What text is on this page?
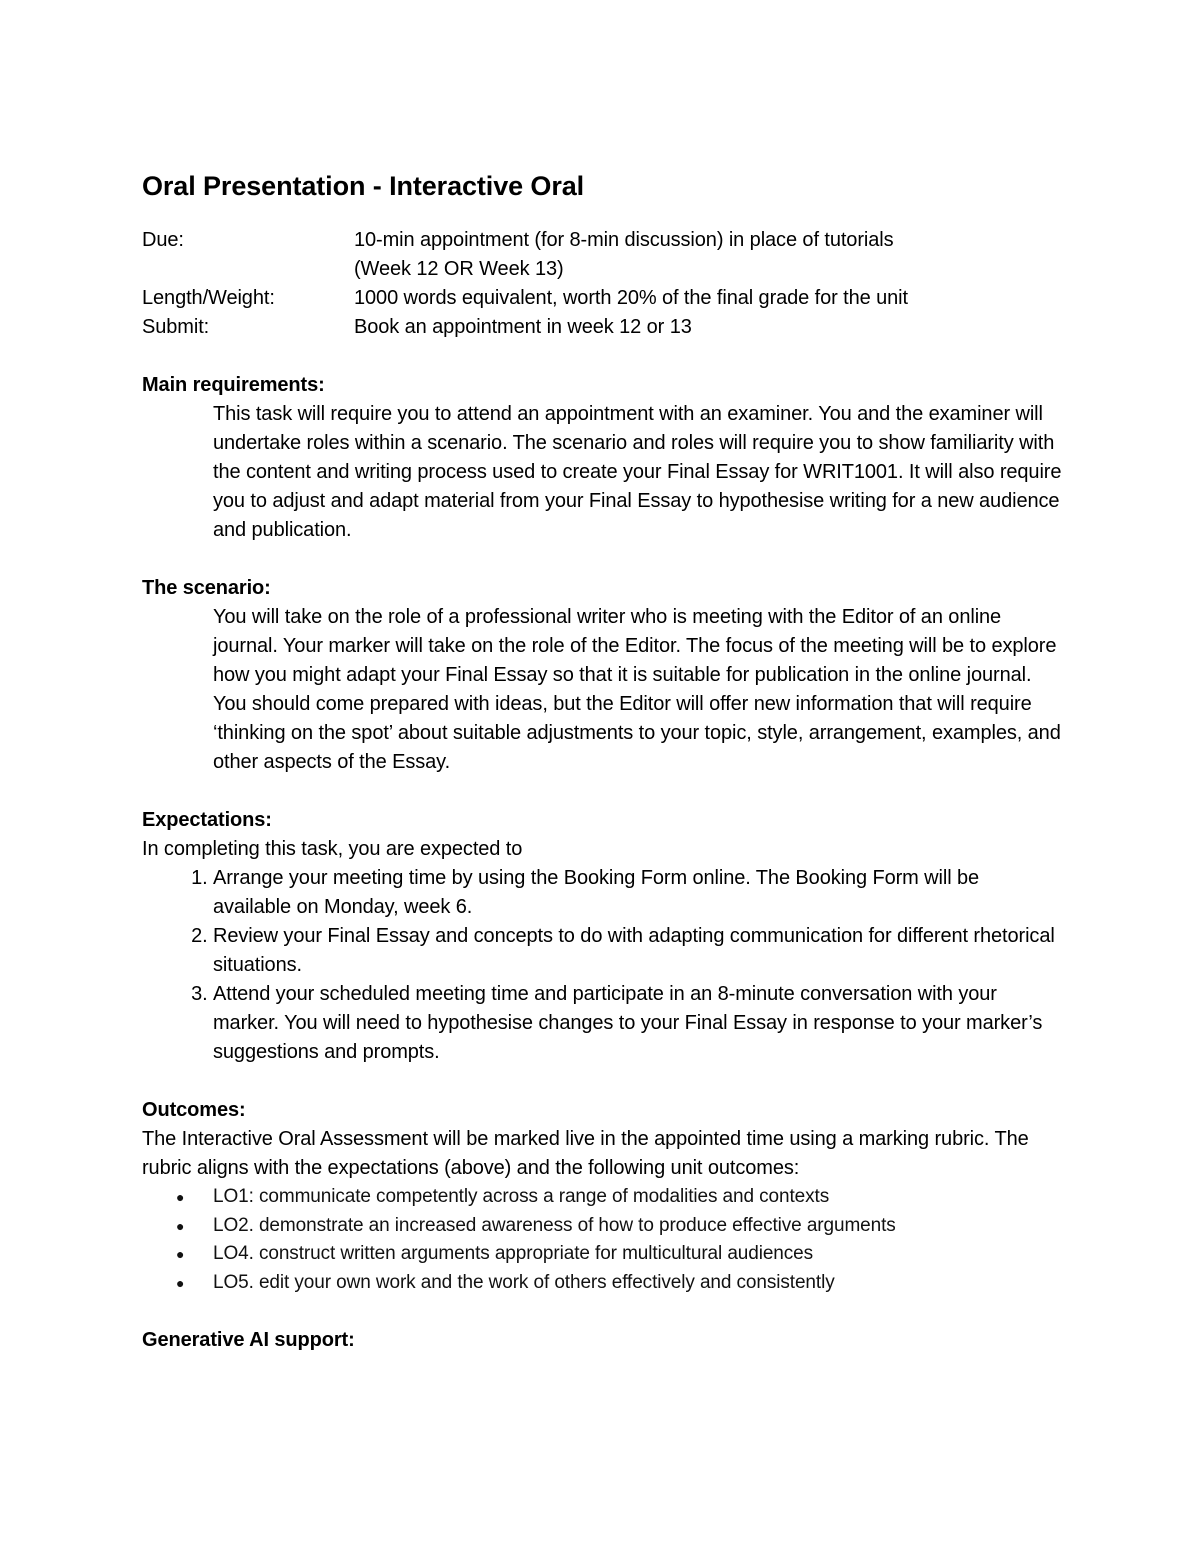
Oral Presentation - Interactive Oral
Due:	10-min appointment (for 8-min discussion) in place of tutorials
(Week 12 OR Week 13)
Length/Weight:	1000 words equivalent, worth 20% of the final grade for the unit
Submit:	Book an appointment in week 12 or 13
Main requirements:
This task will require you to attend an appointment with an examiner. You and the examiner will undertake roles within a scenario. The scenario and roles will require you to show familiarity with the content and writing process used to create your Final Essay for WRIT1001. It will also require you to adjust and adapt material from your Final Essay to hypothesise writing for a new audience and publication.
The scenario:
You will take on the role of a professional writer who is meeting with the Editor of an online journal. Your marker will take on the role of the Editor. The focus of the meeting will be to explore how you might adapt your Final Essay so that it is suitable for publication in the online journal. You should come prepared with ideas, but the Editor will offer new information that will require ‘thinking on the spot’ about suitable adjustments to your topic, style, arrangement, examples, and other aspects of the Essay.
Expectations:
In completing this task, you are expected to
1. Arrange your meeting time by using the Booking Form online. The Booking Form will be available on Monday, week 6.
2. Review your Final Essay and concepts to do with adapting communication for different rhetorical situations.
3. Attend your scheduled meeting time and participate in an 8-minute conversation with your marker. You will need to hypothesise changes to your Final Essay in response to your marker’s suggestions and prompts.
Outcomes:
The Interactive Oral Assessment will be marked live in the appointed time using a marking rubric. The rubric aligns with the expectations (above) and the following unit outcomes:
● LO1: communicate competently across a range of modalities and contexts
● LO2. demonstrate an increased awareness of how to produce effective arguments
● LO4. construct written arguments appropriate for multicultural audiences
● LO5. edit your own work and the work of others effectively and consistently
Generative AI support:
